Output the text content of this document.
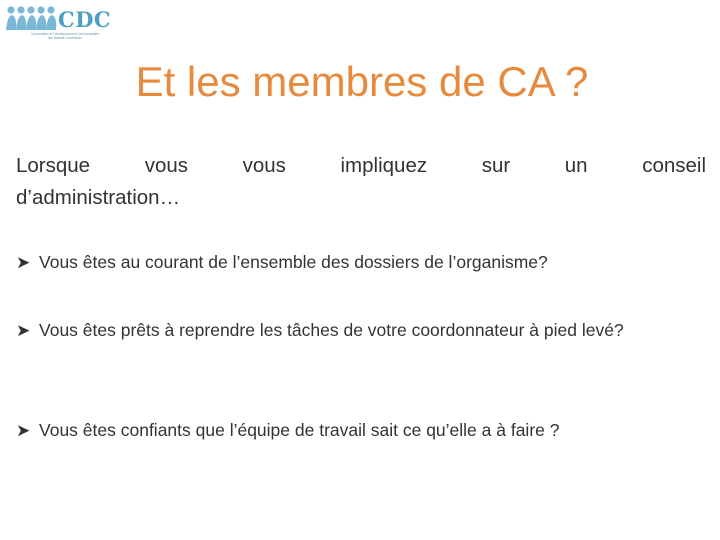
CDC
Concertation et Développement Communautaire
des Basses-Laurentides
Et les membres de CA ?
Lorsque	vous	vous	impliquez	sur	un	conseil
d’administration…
➤ Vous êtes au courant de l’ensemble des dossiers de l’organisme?
➤ Vous êtes prêts à reprendre les tâches de votre coordonnateur à pied levé?
➤ Vous êtes confiants que l’équipe de travail sait ce qu’elle a à faire ?
